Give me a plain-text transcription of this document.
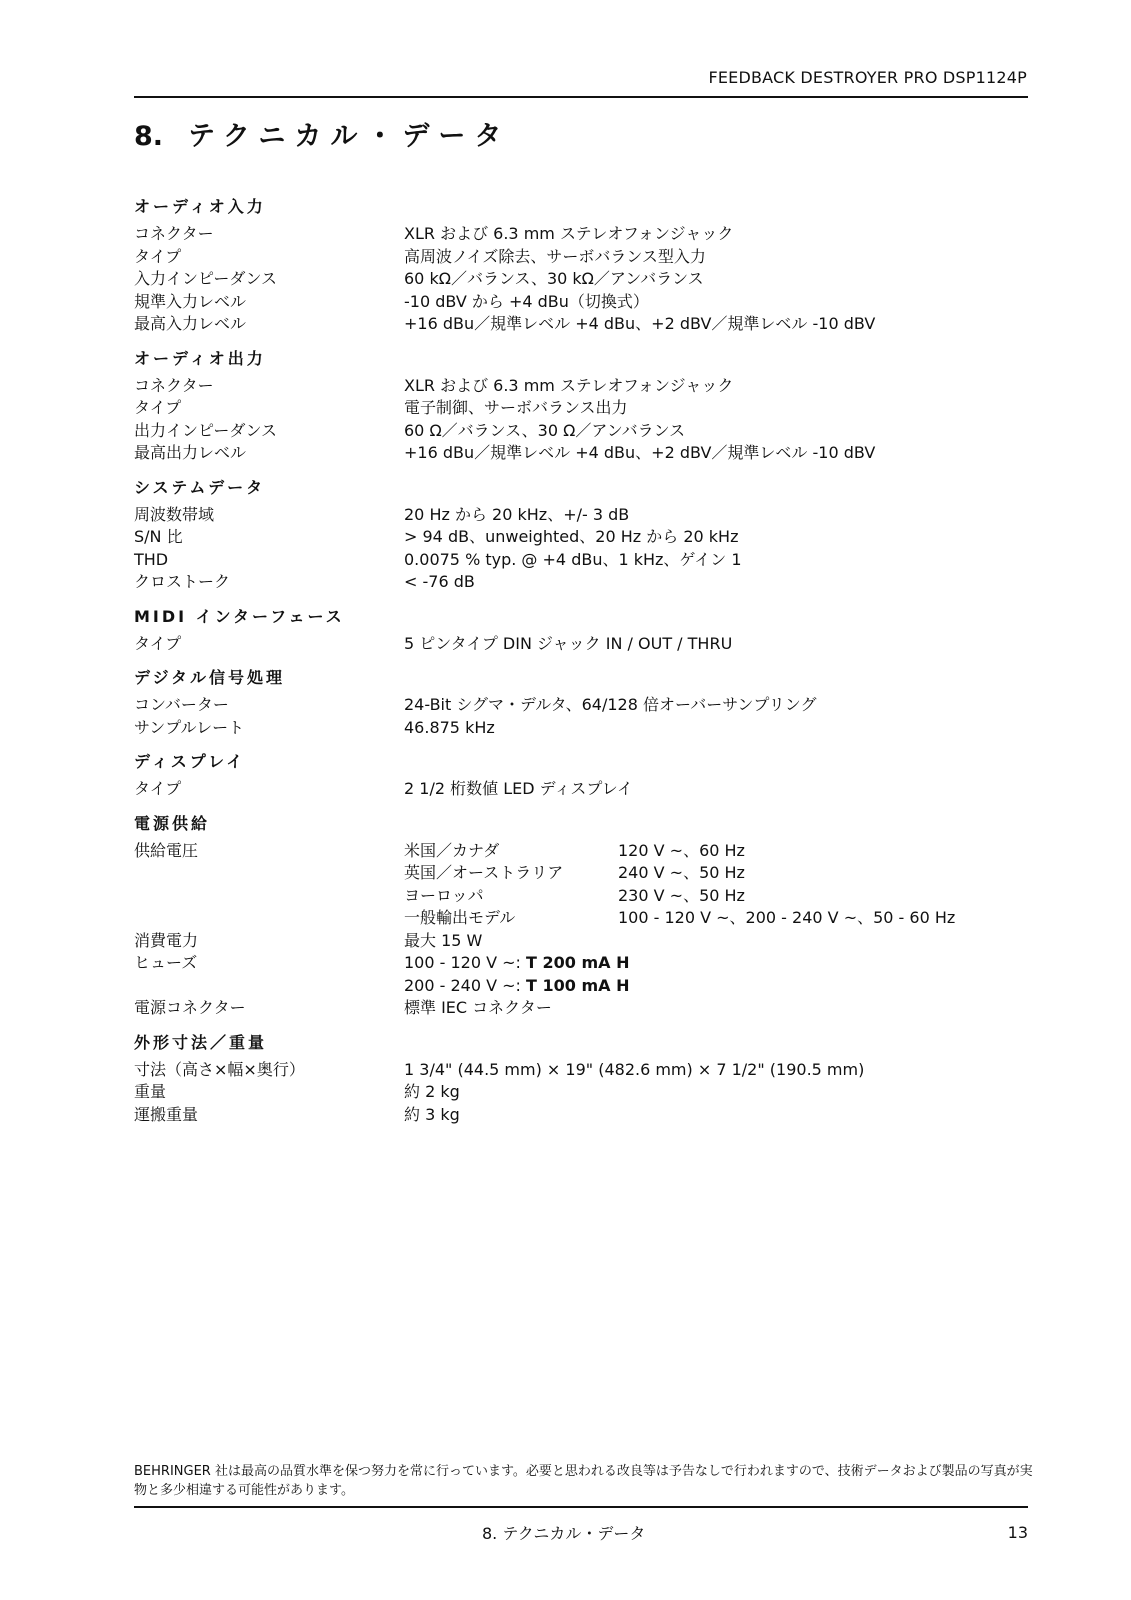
FEEDBACK DESTROYER PRO DSP1124P
8. テクニカル・データ
オーディオ入力
コネクター	XLR および 6.3 mm ステレオフォンジャック
タイプ	高周波ノイズ除去、サーボバランス型入力
入力インピーダンス	60 kΩ／バランス、30 kΩ／アンバランス
規準入力レベル	-10 dBV から +4 dBu（切換式）
最高入力レベル	+16 dBu／規準レベル +4 dBu、+2 dBV／規準レベル -10 dBV
オーディオ出力
コネクター	XLR および 6.3 mm ステレオフォンジャック
タイプ	電子制御、サーボバランス出力
出力インピーダンス	60 Ω／バランス、30 Ω／アンバランス
最高出力レベル	+16 dBu／規準レベル +4 dBu、+2 dBV／規準レベル -10 dBV
システムデータ
周波数帯域	20 Hz から 20 kHz、+/- 3 dB
S/N 比	> 94 dB、unweighted、20 Hz から 20 kHz
THD	0.0075 % typ. @ +4 dBu、1 kHz、ゲイン 1
クロストーク	< -76 dB
MIDI インターフェース
タイプ	5 ピンタイプ DIN ジャック IN / OUT / THRU
デジタル信号処理
コンバーター	24-Bit シグマ・デルタ、64/128 倍オーバーサンプリング
サンプルレート	46.875 kHz
ディスプレイ
タイプ	2 1/2 桁数値 LED ディスプレイ
電源供給
供給電圧	米国／カナダ	120 V ~、60 Hz
英国／オーストラリア	240 V ~、50 Hz
ヨーロッパ	230 V ~、50 Hz
一般輸出モデル	100 - 120 V ~、200 - 240 V ~、50 - 60 Hz
消費電力	最大 15 W
ヒューズ	100 - 120 V ~: T 200 mA H
200 - 240 V ~: T 100 mA H
電源コネクター	標準 IEC コネクター
外形寸法／重量
寸法（高さ×幅×奥行）	1 3/4" (44.5 mm) × 19" (482.6 mm) × 7 1/2" (190.5 mm)
重量	約 2 kg
運搬重量	約 3 kg
BEHRINGER 社は最高の品質水準を保つ努力を常に行っています。必要と思われる改良等は予告なしで行われますので、技術データおよび製品の写真が実物と多少相違する可能性があります。
8. テクニカル・データ	13
